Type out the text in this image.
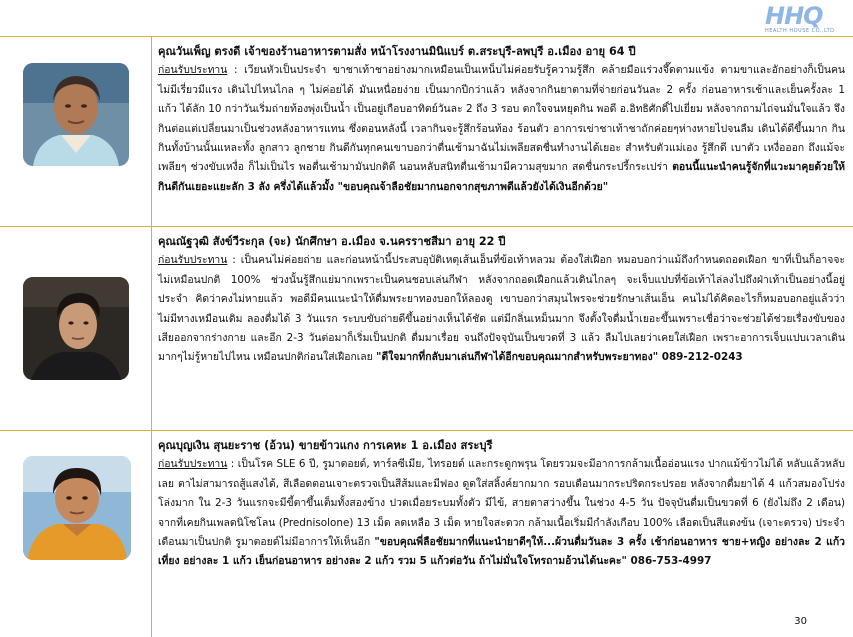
HHQ
HEALTH HOUSE CO.,LTD
คุณวันเพ็ญ ตรงดี เจ้าของร้านอาหารตามสั่ง หน้าโรงงานมินิแบร์ ต.สระบุรี-ลพบุรี อ.เมือง อายุ 64 ปี
ก่อนรับประทาน : เวียนหัวเป็นประจำ ขาชาเท้าชาอย่างมากเหมือนเป็นเหน็บไม่ค่อยรับรู้ความรู้สึก คล้ายมือแร่วงจึ๊ดตามแข้ง ตามขาและอักอย่างก็เป็นคนไม่มีเรี่ยวมีแรง เดินไปไหนไกล ๆ ไม่ค่อยได้ มันเหนื่อยง่าย เป็นมากปีกว่าแล้ว หลังจากกินยาตามที่จ่ายก่อนวันละ 2 ครั้ง ก่อนอาหารเช้าและเย็นครั้งละ 1 แก้ว ได้ลัก 10 กว่าวันเริ่มถ่ายท้องพุ่งเป็นน้ำ เป็นอยู่เกือบอาทิตย์วันละ 2 ถึง 3 รอบ ตกใจจนหยุดกิน พอดี อ.อิทธิศักดิ์ไปเยี่ยม หลังจากถามไถ่จนมั่นใจแล้ว จึงกินต่อแต่เปลี่ยนมาเป็นช่วงหลังอาหารแทน ซึ่งตอนหลังนี้ เวลากินจะรู้สึกร้อนท้อง ร้อนตัว อาการเข่าชาเท้าชาถักค่อยๆห่างหายไปจนลืม เดินได้ดีขึ้นมาก กินกินทั้งบ้านนั้นแหละทั้ง ลูกสาว ลูกชาย กินดีกันทุกคนเขาบอกว่าตื่นเช้ามาฉันไม่เพลียสดชื่นทำงานได้เยอะ สำหรับตัวแม่เอง รู้สึกดี เบาตัว เหงื่อออก ถึงแม้จะเพลียๆ ช่วงขับเหงื่อ ก็ไม่เป็นไร พอตื่นเช้ามามันปกติดี นอนหลับสนิทตื่นเช้ามามีความสุขมาก สดชื่นกระปรี้กระเปร่า ตอนนี้แนะนำคนรู้จักที่แวะมาคุยด้วยให้กินดีกันเยอะแยะลัก 3 ลัง ครึ่งได้แล้วมั้ง "ขอบคุณจ้าลือชัยมากนอกจากสุขภาพดีแล้วยังได้เงินอีกด้วย"
คุณณัฐวุฒิ สังข์วีระกุล (จะ) นักศึกษา อ.เมือง จ.นครราชสีมา อายุ 22 ปี
ก่อนรับประทาน : เป็นคนไม่ค่อยถ่าย และก่อนหน้านี้ประสบอุบัติเหตุเส้นเอ็นที่ข้อเท้าหลวม ต้องใส่เฝือก หมอบอกว่าแม้ถึงกำหนดถอดเฝือก ขาที่เป็นก็อาจจะไม่เหมือนปกติ 100% ช่วงนั้นรู้สึกแย่มากเพราะเป็นคนชอบเล่นกีฬา หลังจากถอดเฝือกแล้วเดินไกลๆ จะเจ็บแปบที่ข้อเท้าไล่ลงไปถึงฝ่าเท้าเป็นอย่างนี้อยู่ประจำ คิดว่าคงไม่หายแล้ว พอดีมีคนแนะนำให้ดื่มพระยาทองบอกให้ลองดู เขาบอกว่าสมุนไพรจะช่วยรักษาเส้นเอ็น คนไม่ได้คิดอะไรก็หมอบอกอยู่แล้วว่าไม่มีทางเหมือนเดิม ลองดื่มได้ 3 วันแรก ระบบขับถ่ายดีขึ้นอย่างเห็นได้ชัด แต่มีกลิ่นเหม็นมาก จึงตั้งใจดื่มน้ำเยอะขึ้นเพราะเชื่อว่าจะช่วยได้ช่วยเรื่องขับของเสียออกจากร่างกาย และอีก 2-3 วันต่อมาก็เริ่มเป็นปกติ ดื่มมาเรื่อย จนถึงปัจจุบันเป็นขวดที่ 3 แล้ว ลืมไปเลยว่าเคยใส่เฝือก เพราะอาการเจ็บแปบเวลาเดินมากๆไม่รู้หายไปไหน เหมือนปกติก่อนใส่เฝือกเลย "ดีใจมากที่กลับมาเล่นกีฬาได้อีกขอบคุณมากสำหรับพระยาทอง" 089-212-0243
คุณบุญเงิน สุนยะราช (อ้วน) ขายข้าวแกง การเคหะ 1 อ.เมือง สระบุรี
ก่อนรับประทาน : เป็นโรค SLE 6 ปี, รูมาตอยด์, ทาร์ลซีเมีย, ไทรอยด์ และกระดูกพรุน โดยรวมจะมีอาการกล้ามเนื้ออ่อนแรง ปากแม้ข้าวไม่ได้ หลับแล้วหลับเลย ตาไม่สามารถสู้แสงได้, สีเลือดตอนเจาะตรวจเป็นสีส้มและมีฟอง ดูดใส่สลิ้งค์ยากมาก รอบเดือนมากระปริดกระปรอย หลังจากดื่มยาได้ 4 แก้วสมองโปร่งโล่งมาก ใน 2-3 วันแรกจะมีขี้ตาขึ้นเต็มทั้งสองข้าง ปวดเมื่อยระบมทั้งตัว มีไข้, สายตาสว่างขึ้น ในช่วง 4-5 วัน ปัจจุบันดื่มเป็นขวดที่ 6 (ยังไม่ถึง 2 เดือน) จากที่เคยกินเพลดนิโซโลน (Prednisolone) 13 เม็ด ลดเหลือ 3 เม็ด หายใจสะดวก กล้ามเนื้อเริ่มมีกำลังเกือบ 100% เลือดเป็นสีแดงข้น (เจาะตรวจ) ประจำเดือนมาเป็นปกติ รูมาตอยด์ไม่มีอาการให้เห็นอีก "ขอบคุณพี่ลือชัยมากที่แนะนำยาดีๆให้...ผ้วนดื่มวันละ 3 ครั้ง เช้าก่อนอาหาร ชาย+หญิง อย่างละ 2 แก้ว เที่ยง อย่างละ 1 แก้ว เย็นก่อนอาหาร อย่างละ 2 แก้ว รวม 5 แก้วต่อวัน ถ้าไม่มั่นใจโทรถามอ้วนได้นะคะ" 086-753-4997
30
